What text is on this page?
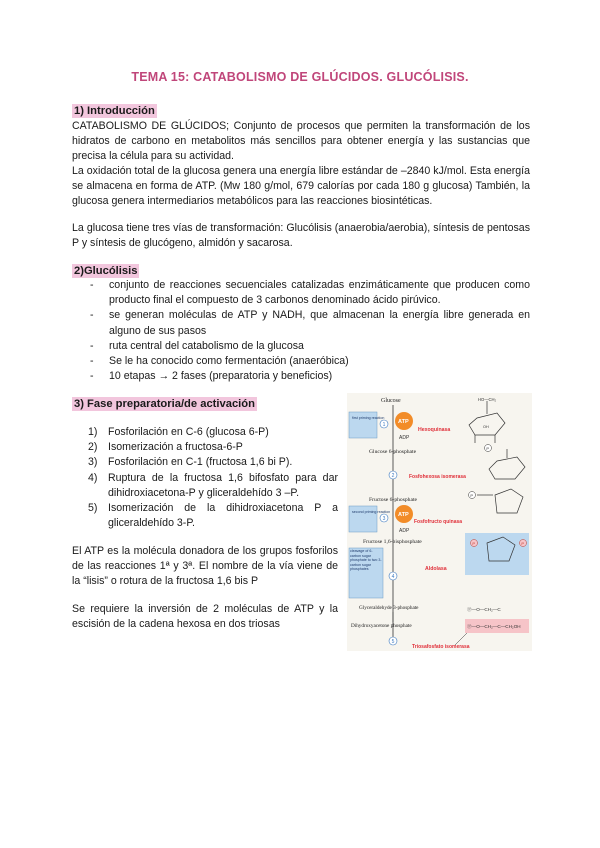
TEMA 15: CATABOLISMO DE GLÚCIDOS. GLUCÓLISIS.
1) Introducción

CATABOLISMO DE GLÚCIDOS; Conjunto de procesos que permiten la transformación de los hidratos de carbono en metabolitos más sencillos para obtener energía y las sustancias que precisa la célula para su actividad.

La oxidación total de la glucosa genera una energía libre estándar de –2840 kJ/mol. Esta energía se almacena en forma de ATP. (Mw 180 g/mol, 679 calorías por cada 180 g glucosa) También, la glucosa genera intermediarios metabólicos para las reacciones biosintéticas.

La glucosa tiene tres vías de transformación: Glucólisis (anaerobia/aerobia), síntesis de pentosas P y síntesis de glucógeno, almidón y sacarosa.

2)Glucólisis
- conjunto de reacciones secuenciales catalizadas enzimáticamente que producen como producto final el compuesto de 3 carbonos denominado ácido pirúvico.
- se generan moléculas de ATP y NADH, que almacenan la energía libre generada en alguno de sus pasos
- ruta central del catabolismo de la glucosa
- Se le ha conocido como fermentación (anaeróbica)
- 10 etapas → 2 fases (preparatoria y beneficios)
3) Fase preparatoria/de activación
1) Fosforilación en C-6 (glucosa 6-P)
2) Isomerización a fructosa-6-P
3) Fosforilación en C-1 (fructosa 1,6 bi P).
4) Ruptura de la fructosa 1,6 bifosfato para dar dihidroxiacetona-P y gliceraldehído 3 –P.
5) Isomerización de la dihidroxiacetona P a gliceraldehído 3-P.

El ATP es la molécula donadora de los grupos fosforilos de las reacciones 1ª y 3ª. El nombre de la vía viene de la “lisis” o rotura de la fructosa 1,6 bis P

Se requiere la inversión de 2 moléculas de ATP y la escisión de la cadena hexosa en dos triosas

Glucose
first priming reaction
1 ATP
ADP
Hexoquinasa
Glucose 6-phosphate
2	Fosfohexosa isomerasa
Fructose 6-phosphate
second priming reaction
3
ATP
ADP
Fosfofructo quinasa
Fructose 1,6-bisphosphate
cleavage of 6-carbon sugar phosphate to two 3-carbon sugar phosphates
4
Aldolasa
Glyceraldehyde 3-phosphate
Dihydroxyacetone phosphate
5
Triosafosfato isomerasa
HO—CH₂
OH
P
P
P	P
Ⓟ—O—CH₂—C
Ⓟ—O—CH₂—C—CH₂OH
